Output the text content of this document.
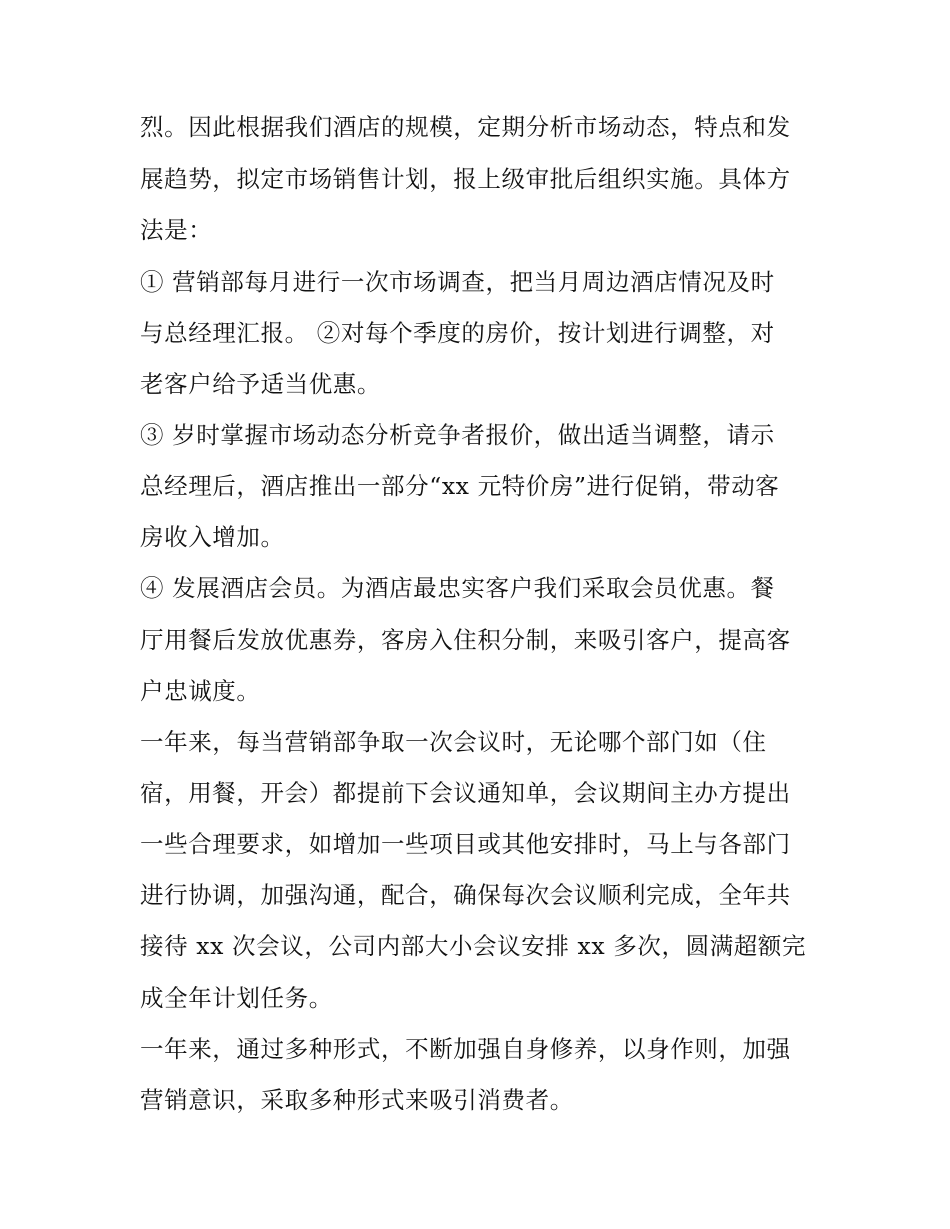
烈。因此根据我们酒店的规模，定期分析市场动态，特点和发
展趋势，拟定市场销售计划，报上级审批后组织实施。具体方
法是：
① 营销部每月进行一次市场调查，把当月周边酒店情况及时
与总经理汇报。 ②对每个季度的房价，按计划进行调整，对
老客户给予适当优惠。
③ 岁时掌握市场动态分析竞争者报价，做出适当调整，请示
总经理后，酒店推出一部分“xx 元特价房”进行促销，带动客
房收入增加。
④ 发展酒店会员。为酒店最忠实客户我们采取会员优惠。餐
厅用餐后发放优惠券，客房入住积分制，来吸引客户，提高客
户忠诚度。
一年来，每当营销部争取一次会议时，无论哪个部门如（住
宿，用餐，开会）都提前下会议通知单，会议期间主办方提出
一些合理要求，如增加一些项目或其他安排时，马上与各部门
进行协调，加强沟通，配合，确保每次会议顺利完成，全年共
接待 xx 次会议，公司内部大小会议安排 xx 多次，圆满超额完
成全年计划任务。
一年来，通过多种形式，不断加强自身修养，以身作则，加强
营销意识，采取多种形式来吸引消费者。
